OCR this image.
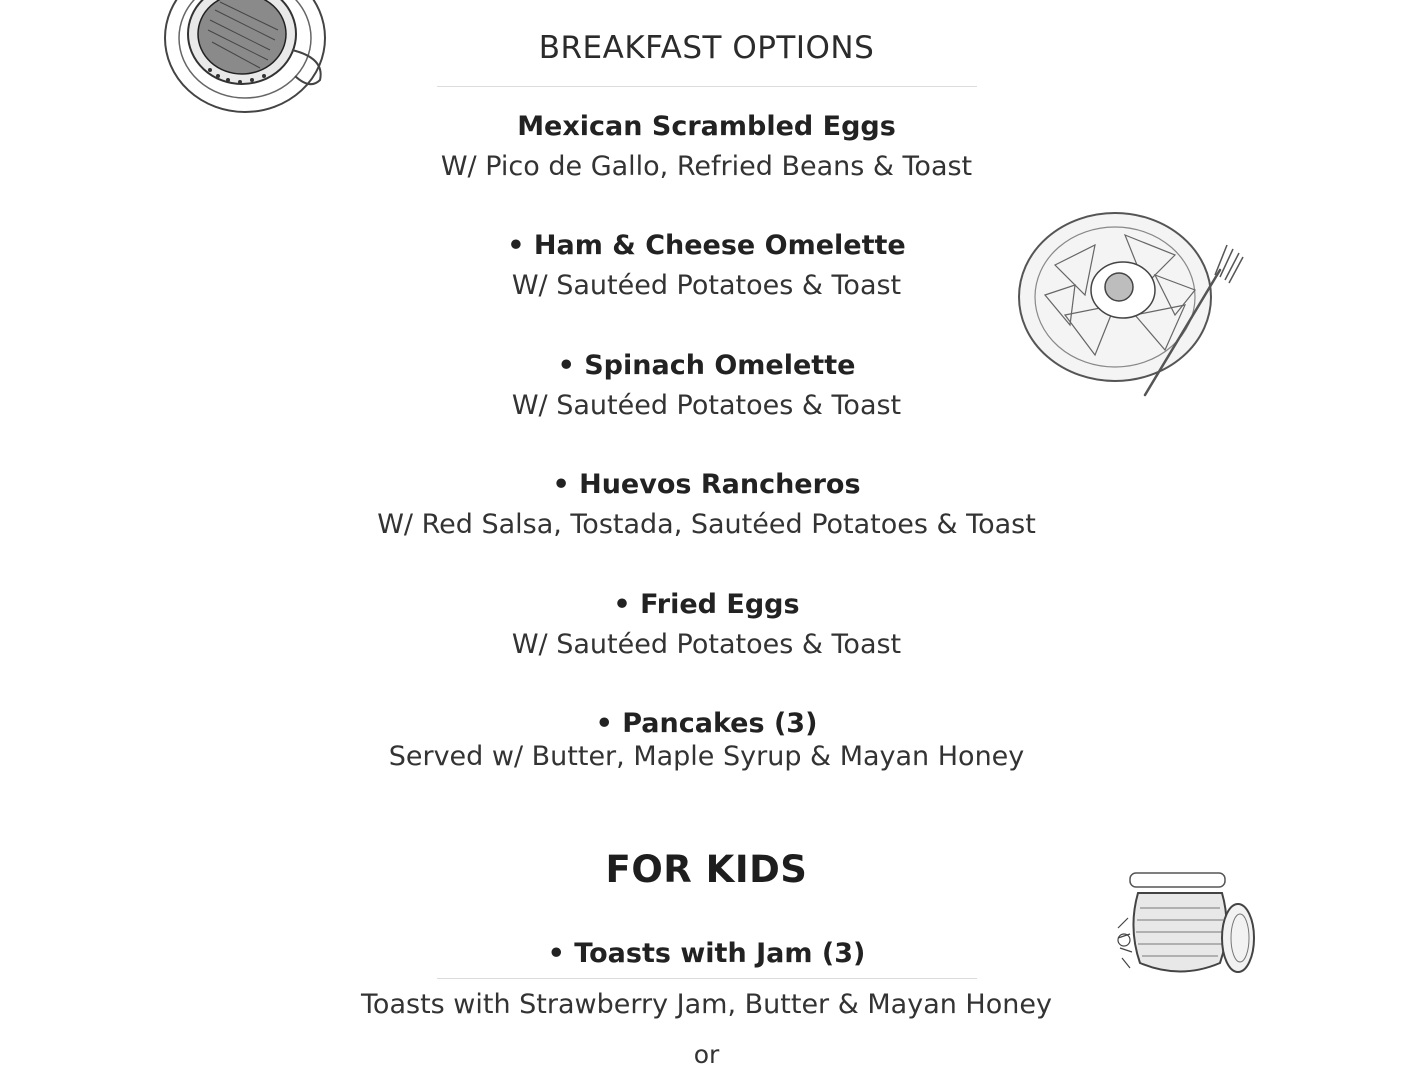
BREAKFAST OPTIONS
Mexican Scrambled Eggs
W/ Pico de Gallo, Refried Beans & Toast
• Ham & Cheese Omelette
W/ Sautéed Potatoes & Toast
• Spinach Omelette
W/ Sautéed Potatoes & Toast
• Huevos Rancheros
W/ Red Salsa, Tostada, Sautéed Potatoes & Toast
• Fried Eggs
W/ Sautéed Potatoes & Toast
• Pancakes (3)
Served w/ Butter, Maple Syrup & Mayan Honey
FOR KIDS
• Toasts with Jam (3)
Toasts with Strawberry Jam, Butter & Mayan Honey
or
